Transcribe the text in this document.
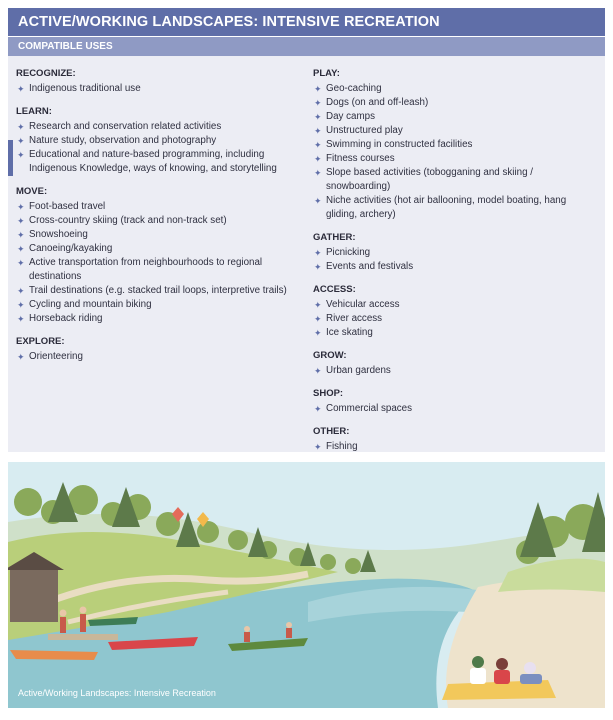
ACTIVE/WORKING LANDSCAPES: INTENSIVE RECREATION
COMPATIBLE USES
RECOGNIZE:
✦ Indigenous traditional use
LEARN:
✦ Research and conservation related activities
✦ Nature study, observation and photography
✦ Educational and nature-based programming, including Indigenous Knowledge, ways of knowing, and storytelling
MOVE:
✦ Foot-based travel
✦ Cross-country skiing (track and non-track set)
✦ Snowshoeing
✦ Canoeing/kayaking
✦ Active transportation from neighbourhoods to regional destinations
✦ Trail destinations (e.g. stacked trail loops, interpretive trails)
✦ Cycling and mountain biking
✦ Horseback riding
EXPLORE:
✦ Orienteering
PLAY:
✦ Geo-caching
✦ Dogs (on and off-leash)
✦ Day camps
✦ Unstructured play
✦ Swimming in constructed facilities
✦ Fitness courses
✦ Slope based activities (tobogganing and skiing / snowboarding)
✦ Niche activities (hot air ballooning, model boating, hang gliding, archery)
GATHER:
✦ Picnicking
✦ Events and festivals
ACCESS:
✦ Vehicular access
✦ River access
✦ Ice skating
GROW:
✦ Urban gardens
SHOP:
✦ Commercial spaces
OTHER:
✦ Fishing
Active/Working Landscapes: Intensive Recreation
